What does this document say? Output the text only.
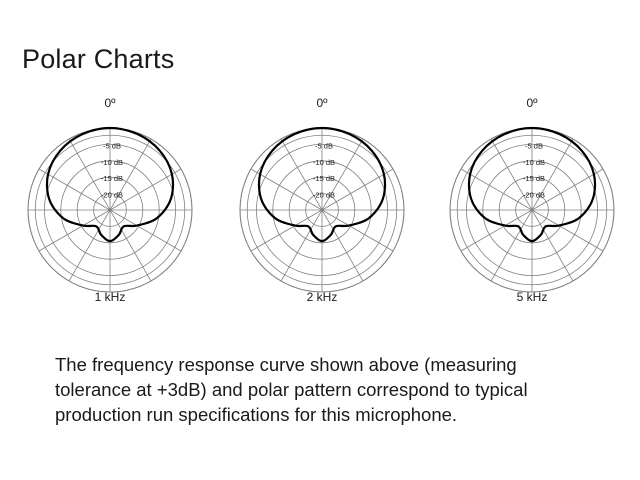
Polar Charts
0º
-20 dB
-15 dB
-10 dB
-5 dB
1 kHz
0º
-20 dB
-15 dB
-10 dB
-5 dB
2 kHz
0º
-20 dB
-15 dB
-10 dB
-5 dB
5 kHz
The frequency response curve shown above (measuring tolerance at +3dB) and polar pattern correspond to typical production run specifications for this microphone.
